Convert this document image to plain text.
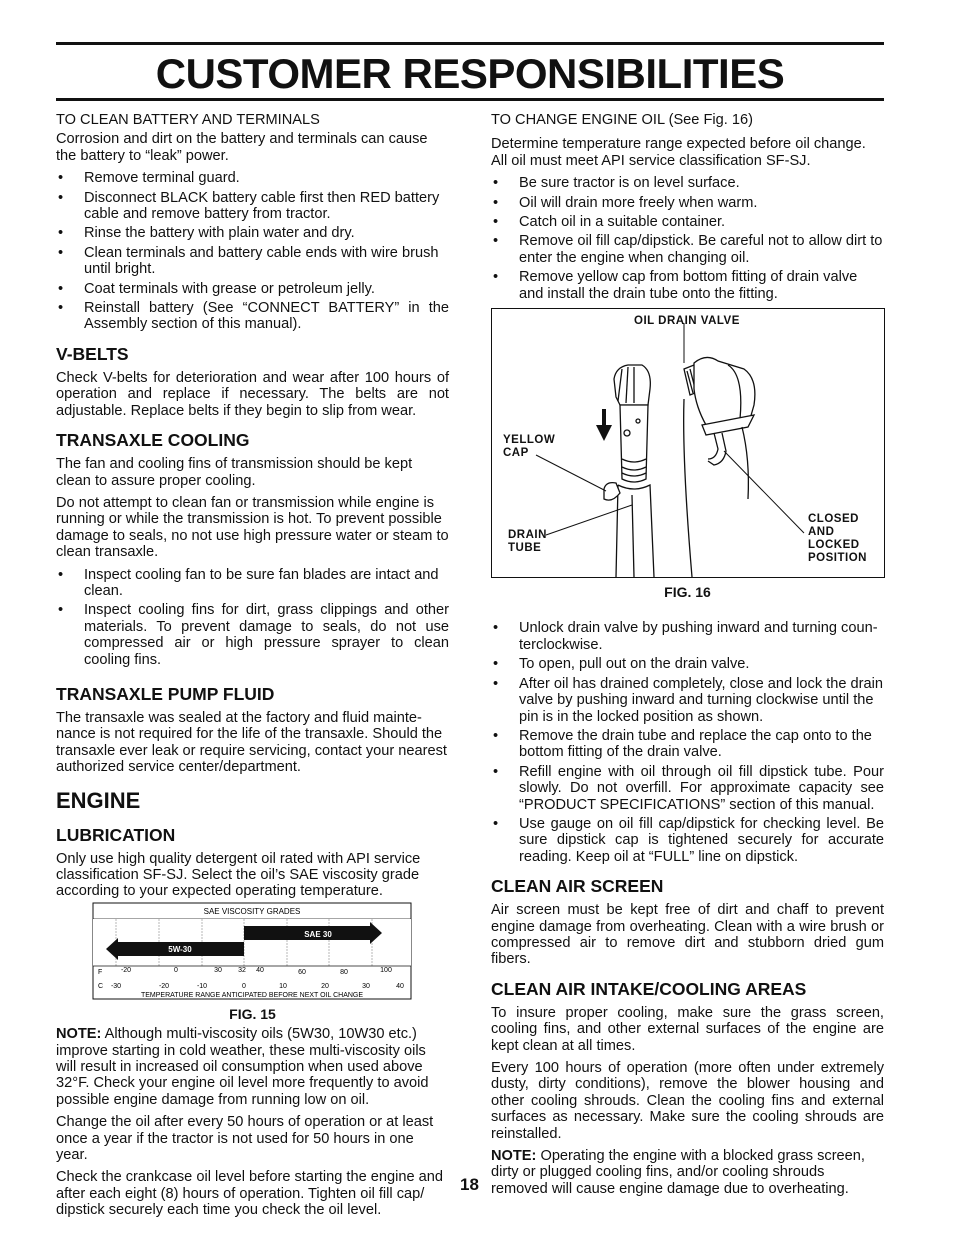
CUSTOMER RESPONSIBILITIES
TO CLEAN BATTERY AND TERMINALS

Corrosion and dirt on the battery and terminals can cause the battery to “leak” power.

• Remove terminal guard.
• Disconnect BLACK battery cable first then RED battery cable and remove battery from tractor.
• Rinse the battery with plain water and dry.
• Clean terminals and battery cable ends with wire brush until bright.
• Coat terminals with grease or petroleum jelly.
• Reinstall battery (See “CONNECT BATTERY” in the Assembly section of this manual).
V-BELTS

Check V-belts for deterioration and wear after 100 hours of operation and replace if necessary. The belts are not adjustable. Replace belts if they begin to slip from wear.

TRANSAXLE COOLING

The fan and cooling fins of transmission should be kept clean to assure proper cooling.

Do not attempt to clean fan or transmission while engine is running or while the transmission is hot. To prevent possible damage to seals, no not use high pressure water or steam to clean transaxle.

• Inspect cooling fan to be sure fan blades are intact and clean.
• Inspect cooling fins for dirt, grass clippings and other materials. To prevent damage to seals, do not use compressed air or high pressure sprayer to clean cooling fins.
TRANSAXLE PUMP FLUID

The transaxle was sealed at the factory and fluid mainte-nance is not required for the life of the transaxle. Should the transaxle ever leak or require servicing, contact your nearest authorized service center/department.

ENGINE
LUBRICATION

Only use high quality detergent oil rated with API service classification SF-SJ. Select the oil’s SAE viscosity grade according to your expected operating temperature.

SAE VISCOSITY GRADES
SAE 30
5W-30
F	-20	0	30 32 40	60	80	100
C -30	-20	-10	0	10	20	30	40
TEMPERATURE RANGE ANTICIPATED BEFORE NEXT OIL CHANGE
FIG. 15

NOTE: Although multi-viscosity oils (5W30, 10W30 etc.) improve starting in cold weather, these multi-viscosity oils will result in increased oil consumption when used above 32°F. Check your engine oil level more frequently to avoid possible engine damage from running low on oil.

Change the oil after every 50 hours of operation or at least once a year if the tractor is not used for 50 hours in one year.

Check the crankcase oil level before starting the engine and after each eight (8) hours of operation. Tighten oil fill cap/ dipstick securely each time you check the oil level.

TO CHANGE ENGINE OIL (See Fig. 16)

Determine temperature range expected before oil change. All oil must meet API service classification SF-SJ.

• Be sure tractor is on level surface.
• Oil will drain more freely when warm.
• Catch oil in a suitable container.
• Remove oil fill cap/dipstick. Be careful not to allow dirt to enter the engine when changing oil.
• Remove yellow cap from bottom fitting of drain valve and install the drain tube onto the fitting.
OIL DRAIN VALVE
YELLOW
CAP
DRAIN
TUBE
CLOSED
AND
LOCKED
POSITION
FIG. 16
• Unlock drain valve by pushing inward and turning coun-terclockwise.
• To open, pull out on the drain valve.
• After oil has drained completely, close and lock the drain valve by pushing inward and turning clockwise until the pin is in the locked position as shown.
• Remove the drain tube and replace the cap onto to the bottom fitting of the drain valve.
• Refill engine with oil through oil fill dipstick tube. Pour slowly. Do not overfill. For approximate capacity see “PRODUCT SPECIFICATIONS” section of this manual.
• Use gauge on oil fill cap/dipstick for checking level. Be sure dipstick cap is tightened securely for accurate reading. Keep oil at “FULL” line on dipstick.
CLEAN AIR SCREEN

Air screen must be kept free of dirt and chaff to prevent engine damage from overheating. Clean with a wire brush or compressed air to remove dirt and stubborn dried gum fibers.

CLEAN AIR INTAKE/COOLING AREAS

To insure proper cooling, make sure the grass screen, cooling fins, and other external surfaces of the engine are kept clean at all times.

Every 100 hours of operation (more often under extremely dusty, dirty conditions), remove the blower housing and other cooling shrouds. Clean the cooling fins and external surfaces as necessary. Make sure the cooling shrouds are reinstalled.

NOTE: Operating the engine with a blocked grass screen, dirty or plugged cooling fins, and/or cooling shrouds removed will cause engine damage due to overheating.

18
